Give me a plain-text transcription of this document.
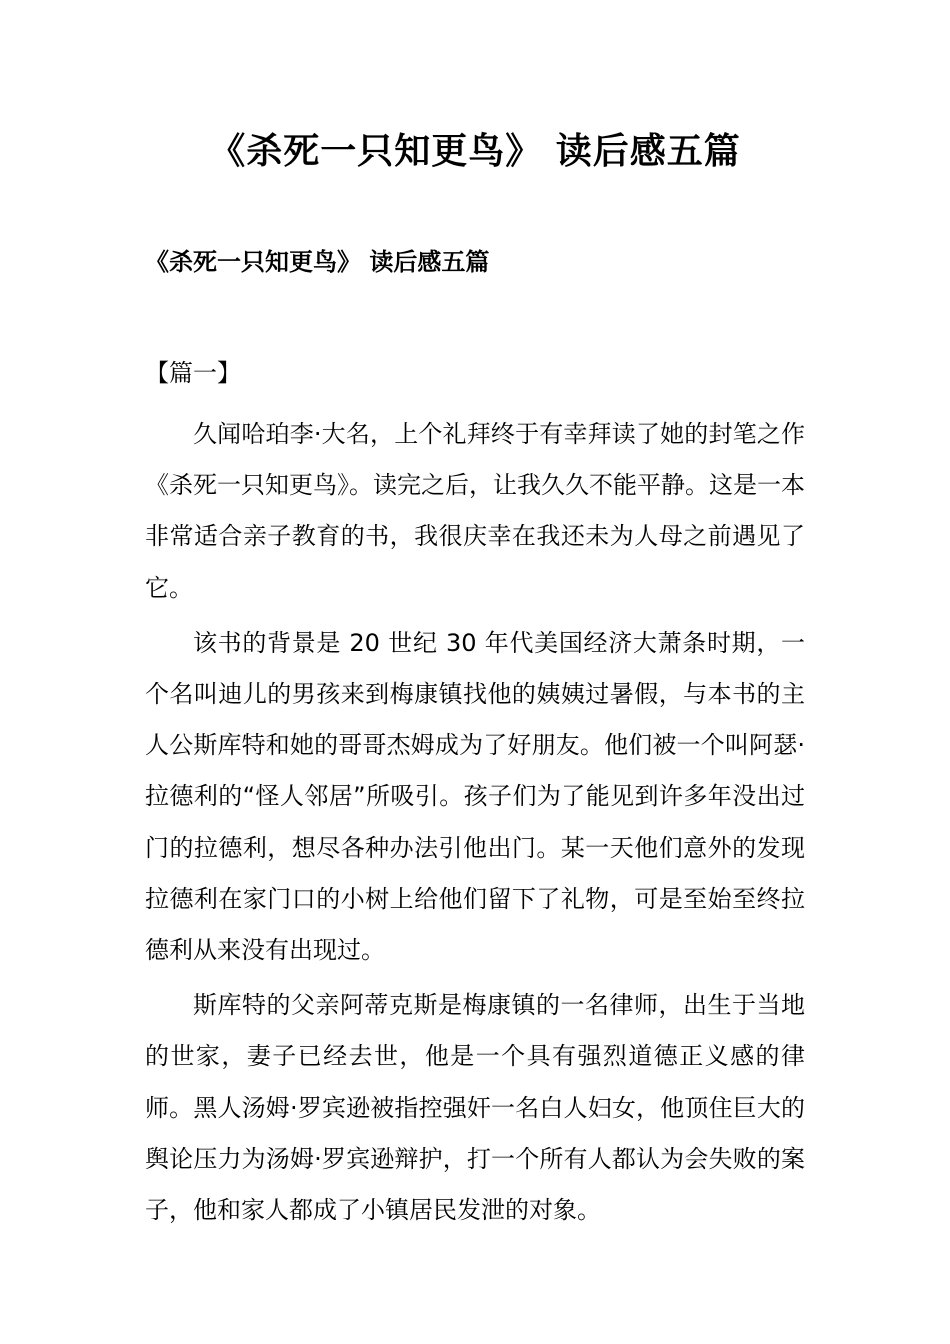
《杀死一只知更鸟》 读后感五篇
《杀死一只知更鸟》 读后感五篇
【篇一】

久闻哈珀李·大名，上个礼拜终于有幸拜读了她的封笔之作《杀死一只知更鸟》。读完之后，让我久久不能平静。这是一本非常适合亲子教育的书，我很庆幸在我还未为人母之前遇见了它。

该书的背景是 20 世纪 30 年代美国经济大萧条时期，一个名叫迪儿的男孩来到梅康镇找他的姨姨过暑假，与本书的主人公斯库特和她的哥哥杰姆成为了好朋友。他们被一个叫阿瑟·拉德利的“怪人邻居”所吸引。孩子们为了能见到许多年没出过门的拉德利，想尽各种办法引他出门。某一天他们意外的发现拉德利在家门口的小树上给他们留下了礼物，可是至始至终拉德利从来没有出现过。

斯库特的父亲阿蒂克斯是梅康镇的一名律师，出生于当地的世家，妻子已经去世，他是一个具有强烈道德正义感的律师。黑人汤姆·罗宾逊被指控强奸一名白人妇女，他顶住巨大的舆论压力为汤姆·罗宾逊辩护，打一个所有人都认为会失败的案子，他和家人都成了小镇居民发泄的对象。
